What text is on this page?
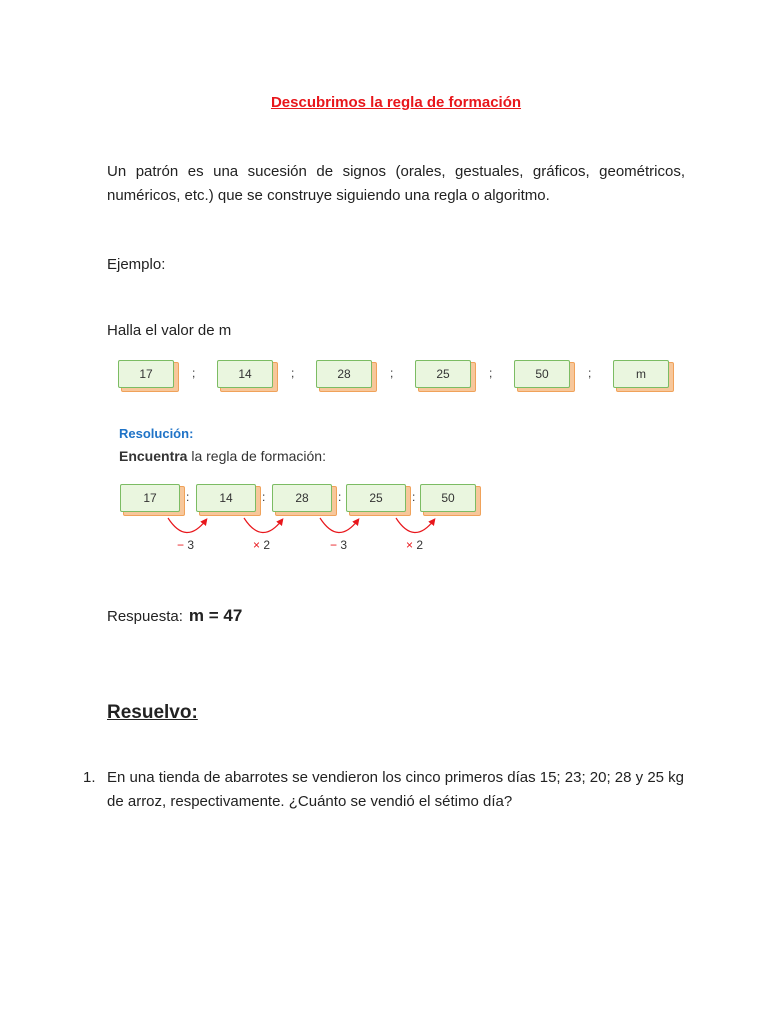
Descubrimos la regla de formación
Un patrón es una sucesión de signos (orales, gestuales, gráficos, geométricos, numéricos, etc.) que se construye siguiendo una regla o algoritmo.
Ejemplo:
Halla el valor de m
17	;	14	;	28	;	25	;	50	;	m
Resolución:
Encuentra la regla de formación:
17	:	14	:	28	:	25	:	50
− 3	× 2	− 3	× 2
Respuesta: m = 47
Resuelvo:
1. En una tienda de abarrotes se vendieron los cinco primeros días 15; 23; 20; 28 y 25 kg de arroz, respectivamente. ¿Cuánto se vendió el sétimo día?
